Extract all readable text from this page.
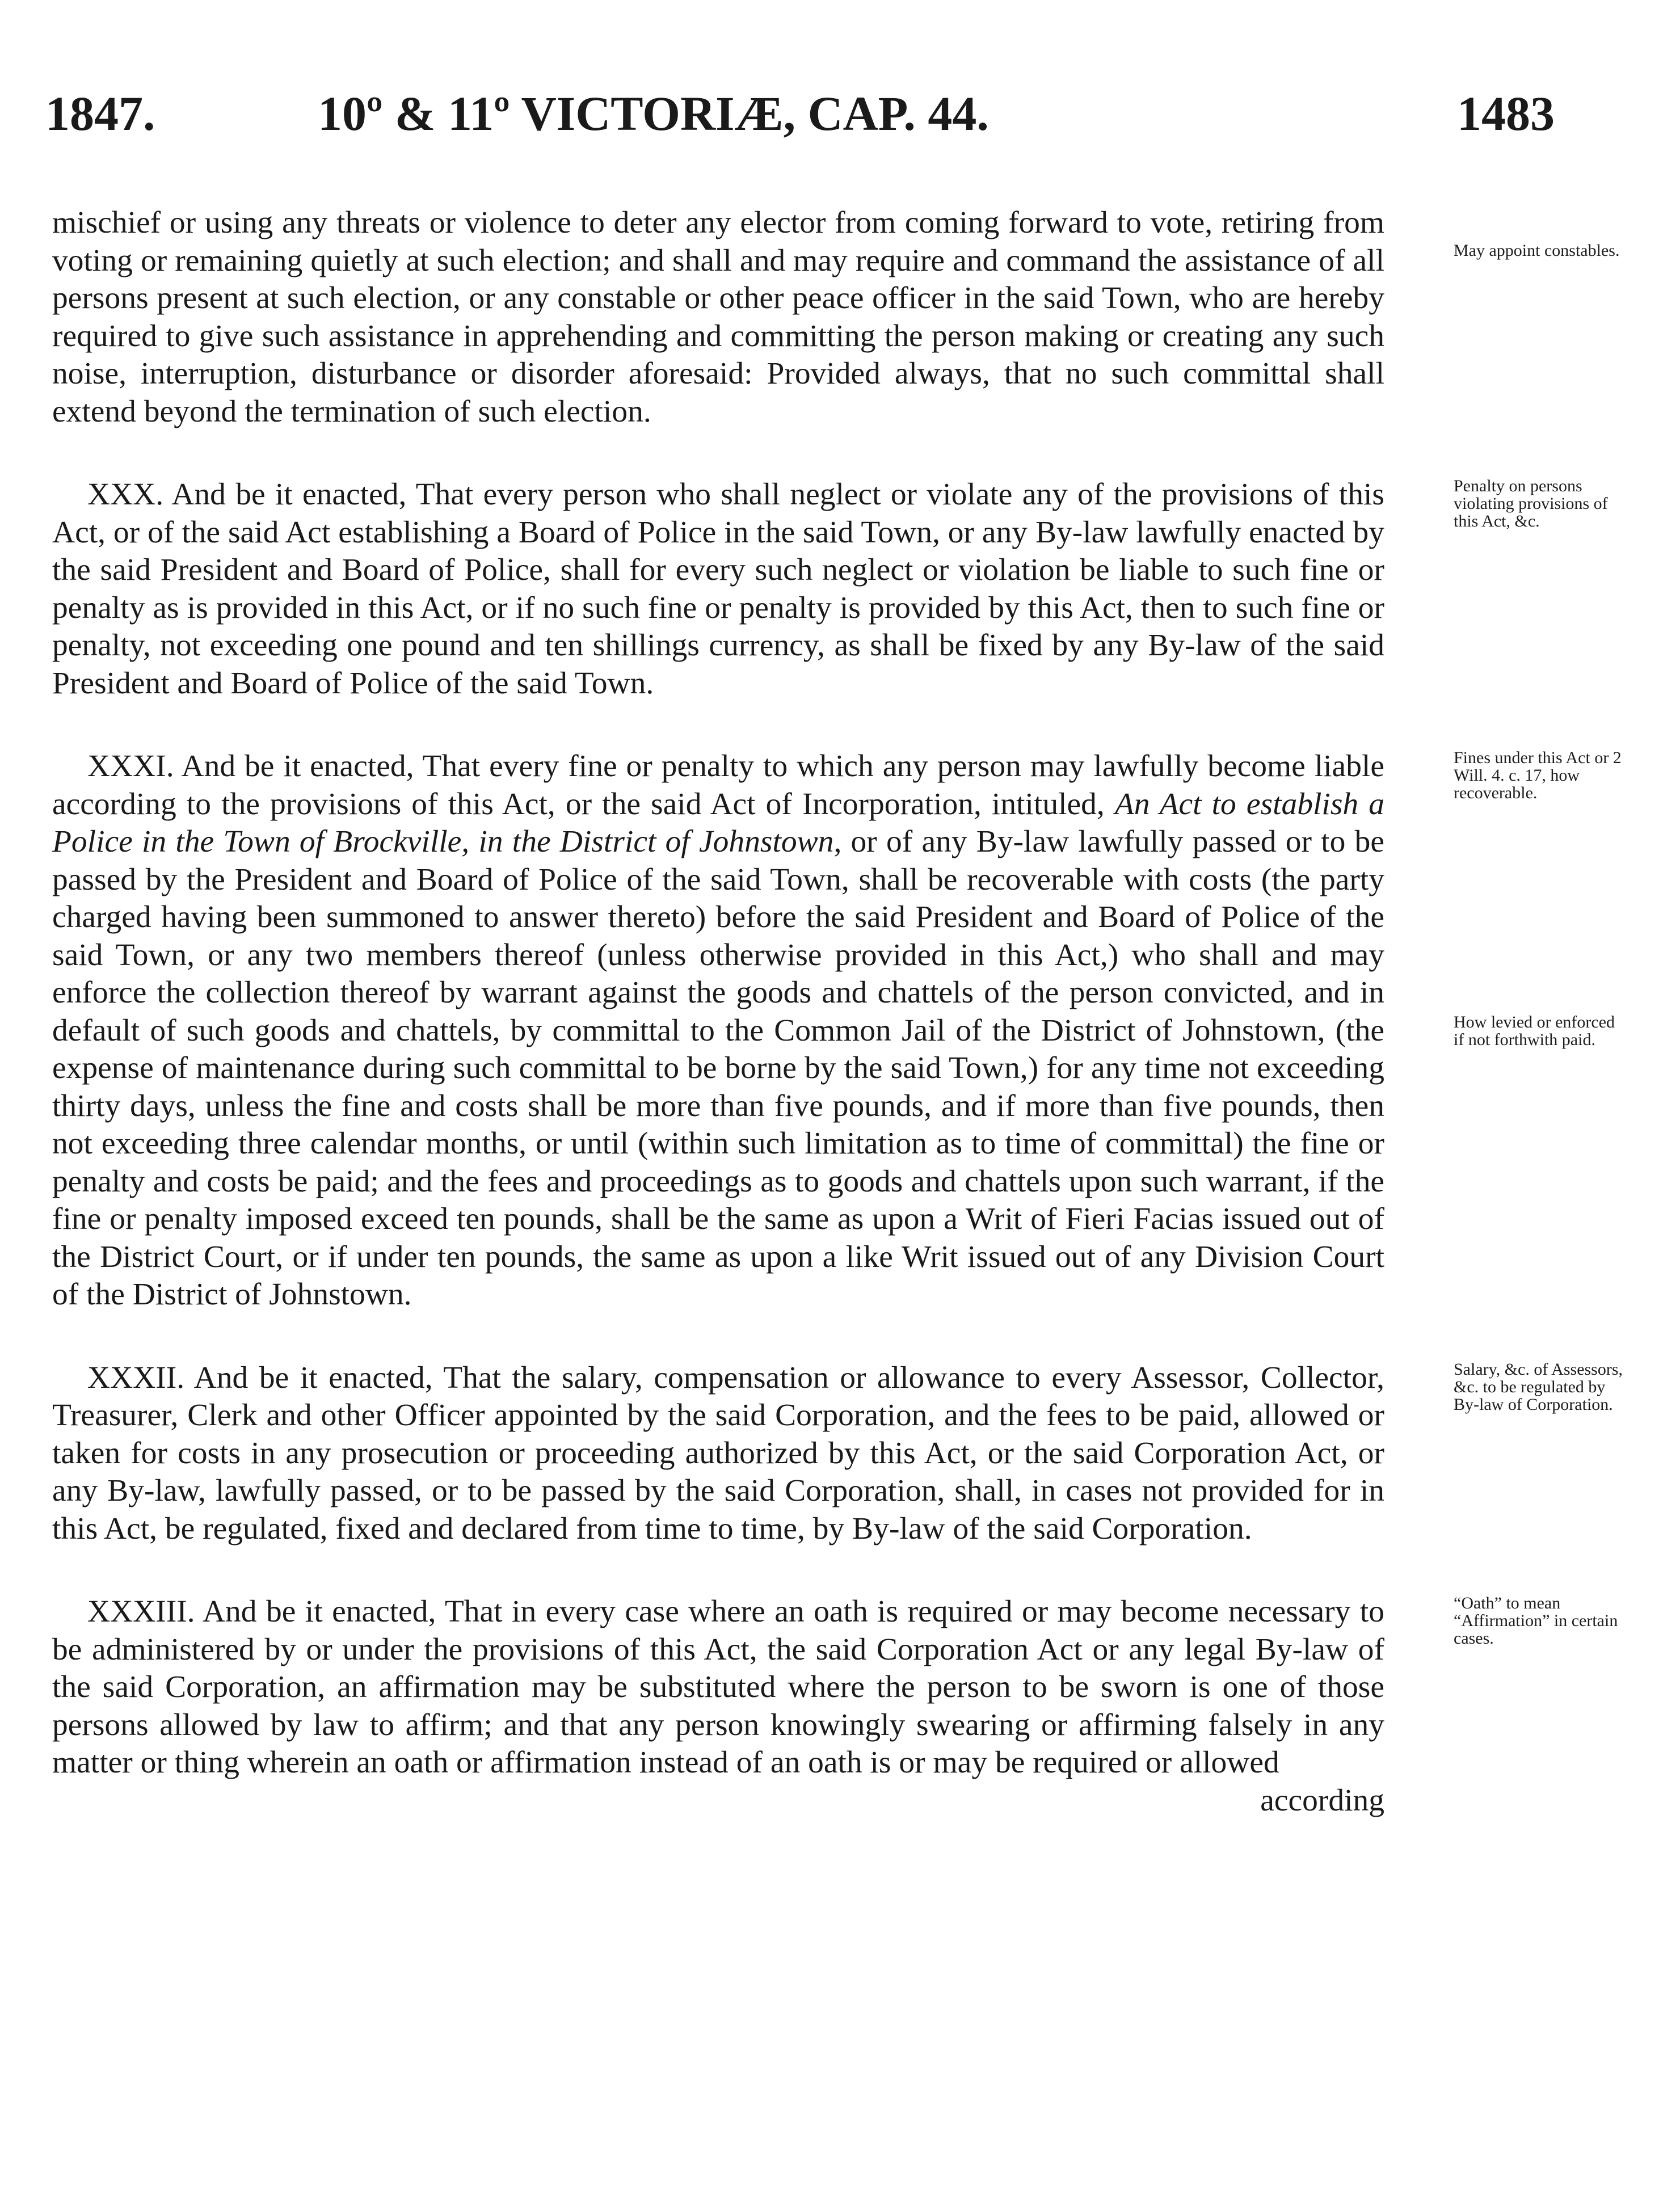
1847.	10º & 11º VICTORIÆ, CAP. 44.	1483

mischief or using any threats or violence to deter any elector from coming forward to vote, retiring from voting or remaining quietly at such election; and shall and may require and command the assistance of all persons present at such election, or any constable or other peace officer in the said Town, who are hereby required to give such assistance in apprehending and committing the person making or creating any such noise, interruption, disturbance or disorder aforesaid: Provided always, that no such committal shall extend beyond the termination of such election.

May appoint constables.

XXX. And be it enacted, That every person who shall neglect or violate any of the provisions of this Act, or of the said Act establishing a Board of Police in the said Town, or any By-law lawfully enacted by the said President and Board of Police, shall for every such neglect or violation be liable to such fine or penalty as is provided in this Act, or if no such fine or penalty is provided by this Act, then to such fine or penalty, not exceeding one pound and ten shillings currency, as shall be fixed by any By-law of the said President and Board of Police of the said Town.

Penalty on persons violating provisions of this Act, &c.

XXXI. And be it enacted, That every fine or penalty to which any person may lawfully become liable according to the provisions of this Act, or the said Act of Incorporation, intituled, An Act to establish a Police in the Town of Brockville, in the District of Johnstown, or of any By-law lawfully passed or to be passed by the President and Board of Police of the said Town, shall be recoverable with costs (the party charged having been summoned to answer thereto) before the said President and Board of Police of the said Town, or any two members thereof (unless otherwise provided in this Act,) who shall and may enforce the collection thereof by warrant against the goods and chattels of the person convicted, and in default of such goods and chattels, by committal to the Common Jail of the District of Johnstown, (the expense of maintenance during such committal to be borne by the said Town,) for any time not exceeding thirty days, unless the fine and costs shall be more than five pounds, and if more than five pounds, then not exceeding three calendar months, or until (within such limitation as to time of committal) the fine or penalty and costs be paid; and the fees and proceedings as to goods and chattels upon such warrant, if the fine or penalty imposed exceed ten pounds, shall be the same as upon a Writ of Fieri Facias issued out of the District Court, or if under ten pounds, the same as upon a like Writ issued out of any Division Court of the District of Johnstown.

Fines under this Act or 2 Will. 4. c. 17, how recoverable.
How levied or enforced if not forthwith paid.

XXXII. And be it enacted, That the salary, compensation or allowance to every Assessor, Collector, Treasurer, Clerk and other Officer appointed by the said Corporation, and the fees to be paid, allowed or taken for costs in any prosecution or proceeding authorized by this Act, or the said Corporation Act, or any By-law, lawfully passed, or to be passed by the said Corporation, shall, in cases not provided for in this Act, be regulated, fixed and declared from time to time, by By-law of the said Corporation.

Salary, &c. of Assessors, &c. to be regulated by By-law of Corporation.

XXXIII. And be it enacted, That in every case where an oath is required or may become necessary to be administered by or under the provisions of this Act, the said Corporation Act or any legal By-law of the said Corporation, an affirmation may be substituted where the person to be sworn is one of those persons allowed by law to affirm; and that any person knowingly swearing or affirming falsely in any matter or thing wherein an oath or affirmation instead of an oath is or may be required or allowed

according

“Oath” to mean “Affirmation” in certain cases.
